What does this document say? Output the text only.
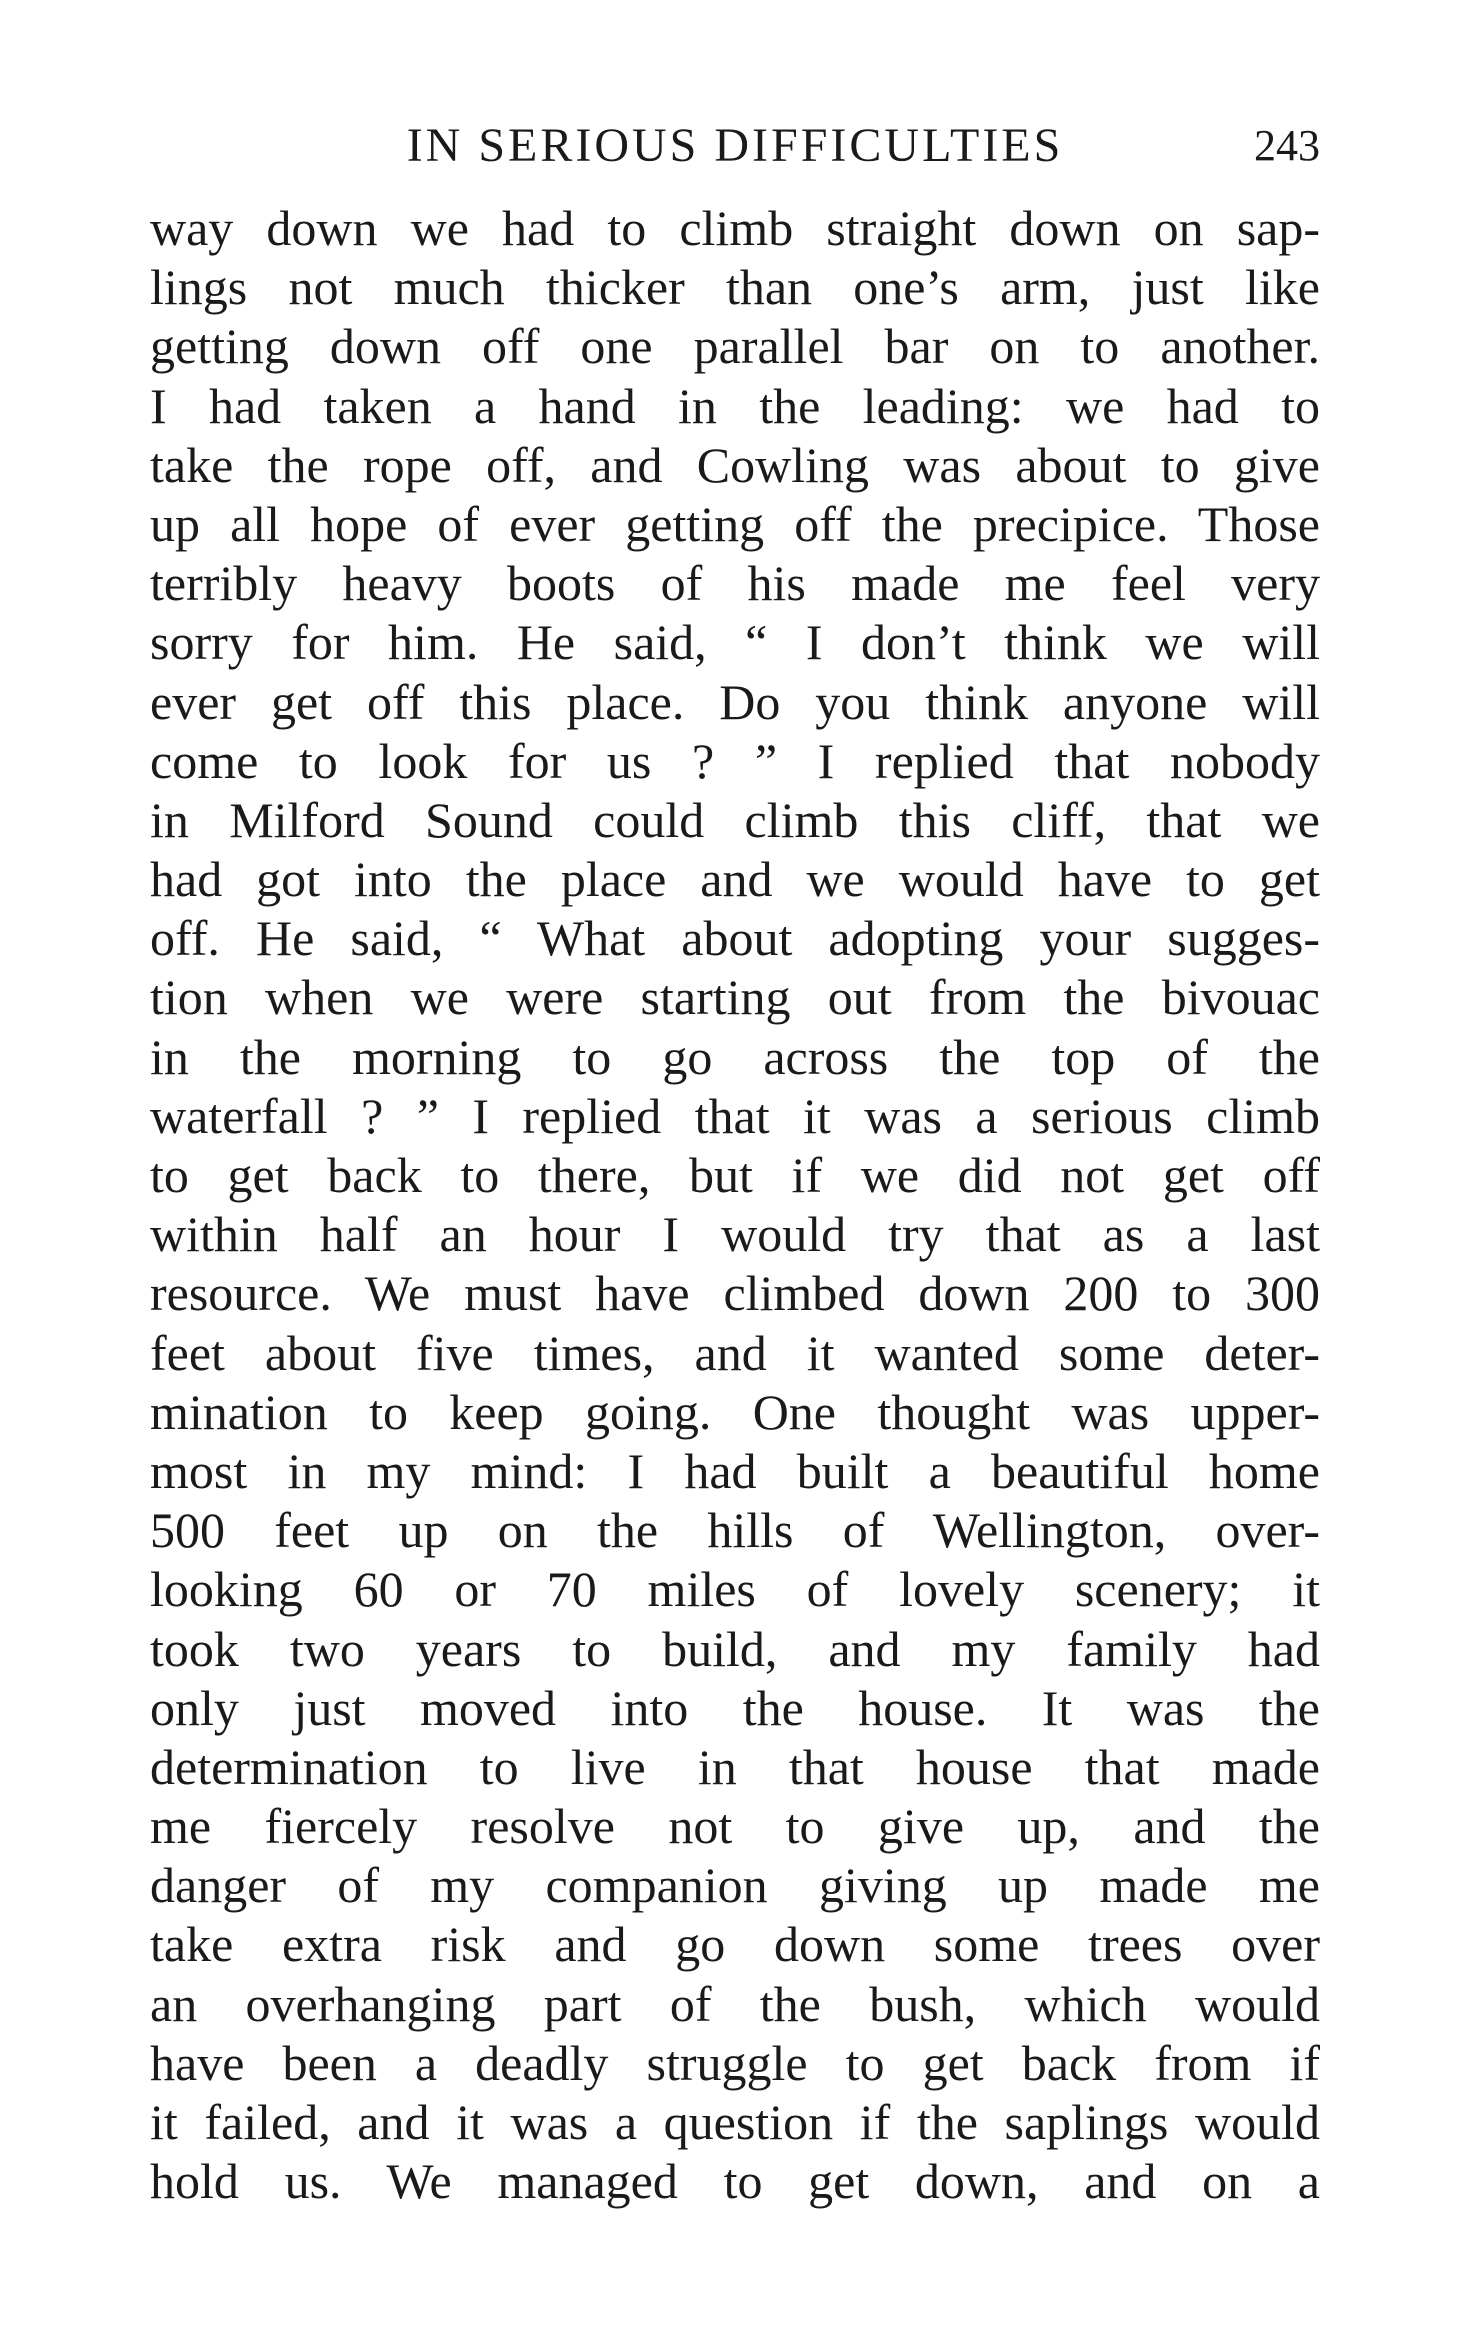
IN SERIOUS DIFFICULTIES	243
way down we had to climb straight down on sap-
lings not much thicker than one’s arm, just like
getting down off one parallel bar on to another.
I had taken a hand in the leading: we had to
take the rope off, and Cowling was about to give
up all hope of ever getting off the precipice. Those
terribly heavy boots of his made me feel very
sorry for him. He said, “ I don’t think we will
ever get off this place. Do you think anyone will
come to look for us ? ” I replied that nobody
in Milford Sound could climb this cliff, that we
had got into the place and we would have to get
off. He said, “ What about adopting your sugges-
tion when we were starting out from the bivouac
in the morning to go across the top of the
waterfall ? ” I replied that it was a serious climb
to get back to there, but if we did not get off
within half an hour I would try that as a last
resource. We must have climbed down 200 to 300
feet about five times, and it wanted some deter-
mination to keep going. One thought was upper-
most in my mind: I had built a beautiful home
500 feet up on the hills of Wellington, over-
looking 60 or 70 miles of lovely scenery; it
took two years to build, and my family had
only just moved into the house. It was the
determination to live in that house that made
me fiercely resolve not to give up, and the
danger of my companion giving up made me
take extra risk and go down some trees over
an overhanging part of the bush, which would
have been a deadly struggle to get back from if
it failed, and it was a question if the saplings would
hold us. We managed to get down, and on a
